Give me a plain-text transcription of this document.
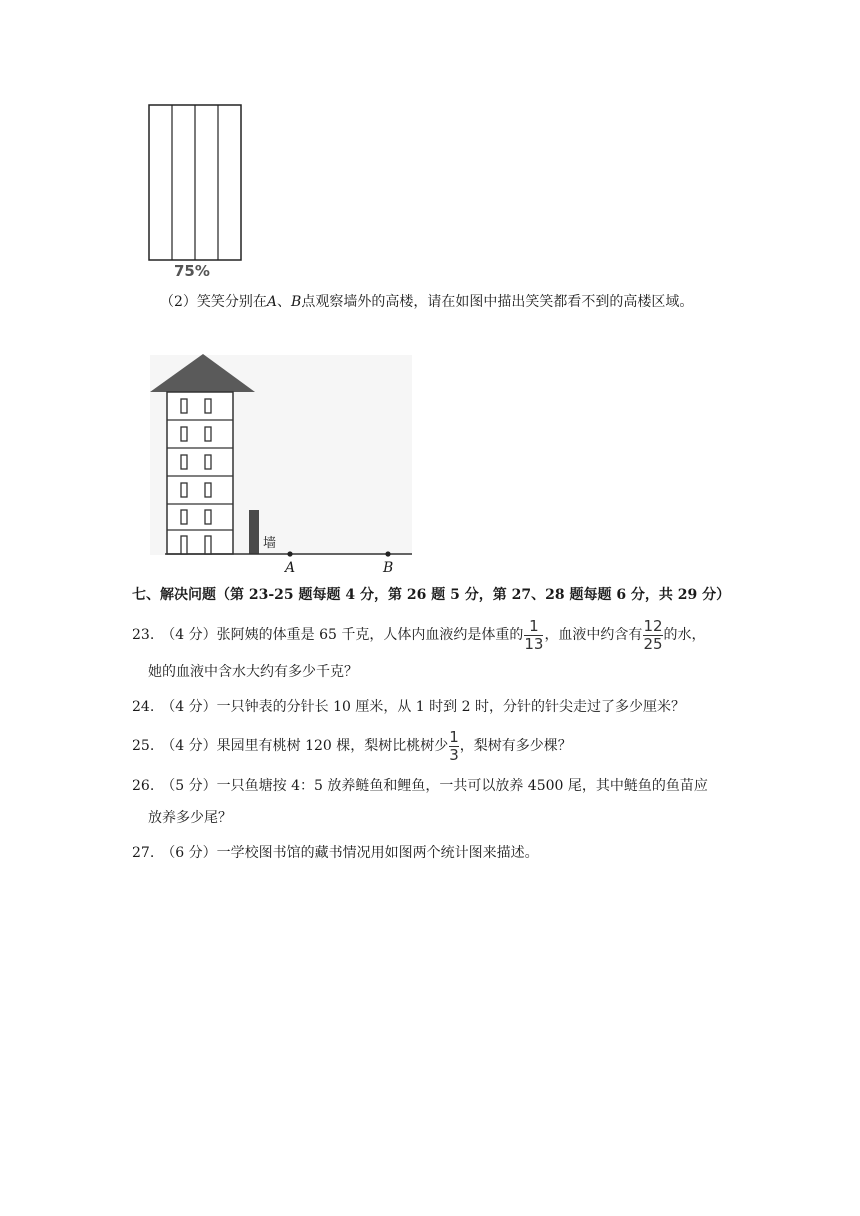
75%
（2）笑笑分别在A、B点观察墙外的高楼，请在如图中描出笑笑都看不到的高楼区域。
墙
A	B
七、解决问题（第 23-25 题每题 4 分，第 26 题 5 分，第 27、28 题每题 6 分，共 29 分）
23.　（4 分）张阿姨的体重是 65 千克，人体内血液约是体重的 $\frac{1}{13}$ ，血液中约含有 $\frac{12}{25}$ 的水，
她的血液中含水大约有多少千克？
24.　（4 分）一只钟表的分针长 10 厘米，从 1 时到 2 时，分针的针尖走过了多少厘米？
25.　（4 分）果园里有桃树 120 棵，梨树比桃树少 $\frac{1}{3}$ ，梨树有多少棵？
26.　（5 分）一只鱼塘按 4：5 放养鲢鱼和鲤鱼，一共可以放养 4500 尾，其中鲢鱼的鱼苗应
放养多少尾？
27.　（6 分）一学校图书馆的藏书情况用如图两个统计图来描述。
